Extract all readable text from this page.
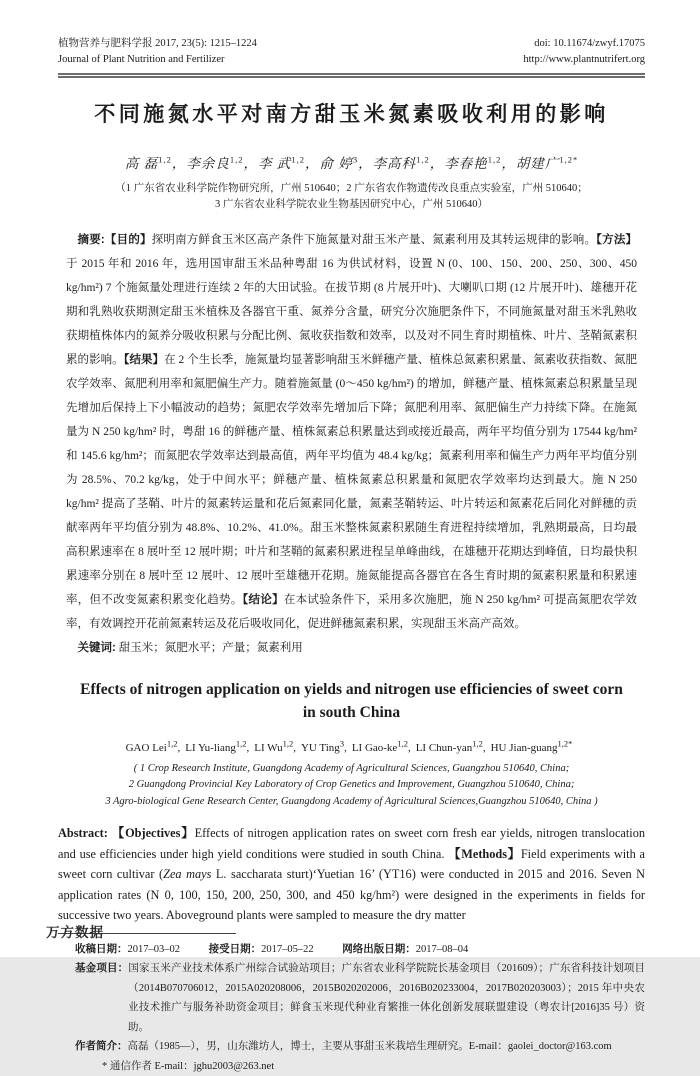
植物营养与肥料学报 2017, 23(5): 1215–1224
Journal of Plant Nutrition and Fertilizer
doi: 10.11674/zwyf.17075
http://www.plantnutrifert.org
不同施氮水平对南方甜玉米氮素吸收利用的影响
高 磊$^{1,2}$，李余良$^{1,2}$，李 武$^{1,2}$，俞 婷$^3$，李高科$^{1,2}$，李春艳$^{1,2}$，胡建广$^{1,2*}$
（1 广东省农业科学院作物研究所，广州 510640；2 广东省农作物遗传改良重点实验室，广州 510640；
3 广东省农业科学院农业生物基因研究中心，广州 510640）

摘要:【目的】探明南方鲜食玉米区高产条件下施氮量对甜玉米产量、氮素利用及其转运规律的影响。【方法】于 2015 年和 2016 年，选用国审甜玉米品种粤甜 16 为供试材料，设置 N (0、100、150、200、250、300、450 kg/hm²) 7 个施氮量处理进行连续 2 年的大田试验。在拔节期 (8 片展开叶)、大喇叭口期 (12 片展开叶)、雄穗开花期和乳熟收获期测定甜玉米植株及各器官干重、氮养分含量，研究分次施肥条件下，不同施氮量对甜玉米乳熟收获期植株体内的氮养分吸收积累与分配比例、氮收获指数和效率，以及对不同生育时期植株、叶片、茎鞘氮素积累的影响。【结果】在 2 个生长季，施氮量均显著影响甜玉米鲜穗产量、植株总氮素积累量、氮素收获指数、氮肥农学效率、氮肥利用率和氮肥偏生产力。随着施氮量 (0～450 kg/hm²) 的增加，鲜穗产量、植株氮素总积累量呈现先增加后保持上下小幅波动的趋势；氮肥农学效率先增加后下降；氮肥利用率、氮肥偏生产力持续下降。在施氮量为 N 250 kg/hm² 时，粤甜 16 的鲜穗产量、植株氮素总积累量达到或接近最高，两年平均值分别为 17544 kg/hm² 和 145.6 kg/hm²；而氮肥农学效率达到最高值，两年平均值为 48.4 kg/kg；氮素利用率和偏生产力两年平均值分别为 28.5%、70.2 kg/kg，处于中间水平；鲜穗产量、植株氮素总积累量和氮肥农学效率均达到最大。施 N 250 kg/hm² 提高了茎鞘、叶片的氮素转运量和花后氮素同化量，氮素茎鞘转运、叶片转运和氮素花后同化对鲜穗的贡献率两年平均值分别为 48.8%、10.2%、41.0%。甜玉米整株氮素积累随生育进程持续增加，乳熟期最高，日均最高积累速率在 8 展叶至 12 展叶期；叶片和茎鞘的氮素积累进程呈单峰曲线，在雄穗开花期达到峰值，日均最快积累速率分别在 8 展叶至 12 展叶、12 展叶至雄穗开花期。施氮能提高各器官在各生育时期的氮素积累量和积累速率，但不改变氮素积累变化趋势。【结论】在本试验条件下，采用多次施肥，施 N 250 kg/hm² 可提高氮肥农学效率，有效调控开花前氮素转运及花后吸收同化，促进鲜穗氮素积累，实现甜玉米高产高效。

关键词: 甜玉米；氮肥水平；产量；氮素利用

Effects of nitrogen application on yields and nitrogen use efficiencies of sweet corn in south China
GAO Lei$^{1,2}$, LI Yu-liang$^{1,2}$, LI Wu$^{1,2}$, YU Ting$^3$, LI Gao-ke$^{1,2}$, LI Chun-yan$^{1,2}$, HU Jian-guang$^{1,2*}$
( 1 Crop Research Institute, Guangdong Academy of Agricultural Sciences, Guangzhou 510640, China;
2 Guangdong Provincial Key Laboratory of Crop Genetics and Improvement, Guangzhou 510640, China;
3 Agro-biological Gene Research Center, Guangdong Academy of Agricultural Sciences,Guangzhou 510640, China )

Abstract: 【Objectives】Effects of nitrogen application rates on sweet corn fresh ear yields, nitrogen translocation and use efficiencies under high yield conditions were studied in south China. 【Methods】Field experiments with a sweet corn cultivar (Zea mays L. saccharata sturt)‘Yuetian 16’ (YT16) were conducted in 2015 and 2016. Seven N application rates (N 0, 100, 150, 200, 250, 300, and 450 kg/hm²) were designed in the experiments in fields for successive two years. Aboveground plants were sampled to measure the dry matter

收稿日期：2017–03–02	接受日期：2017–05–22	网络出版日期：2017–08–04
基金项目：国家玉米产业技术体系广州综合试验站项目；广东省农业科学院院长基金项目（201609）；广东省科技计划项目（2014B070706012，2015A020208006，2015B020202006，2016B020233004，2017B020203003）；2015 年中央农业技术推广与服务补助资金项目；鲜食玉米现代种业育繁推一体化创新发展联盟建设（粤农计[2016]35 号）资助。
作者简介：高磊（1985—），男，山东潍坊人，博士，主要从事甜玉米栽培生理研究。E-mail：gaolei_doctor@163.com
* 通信作者 E-mail：jghu2003@263.net
万方数据
